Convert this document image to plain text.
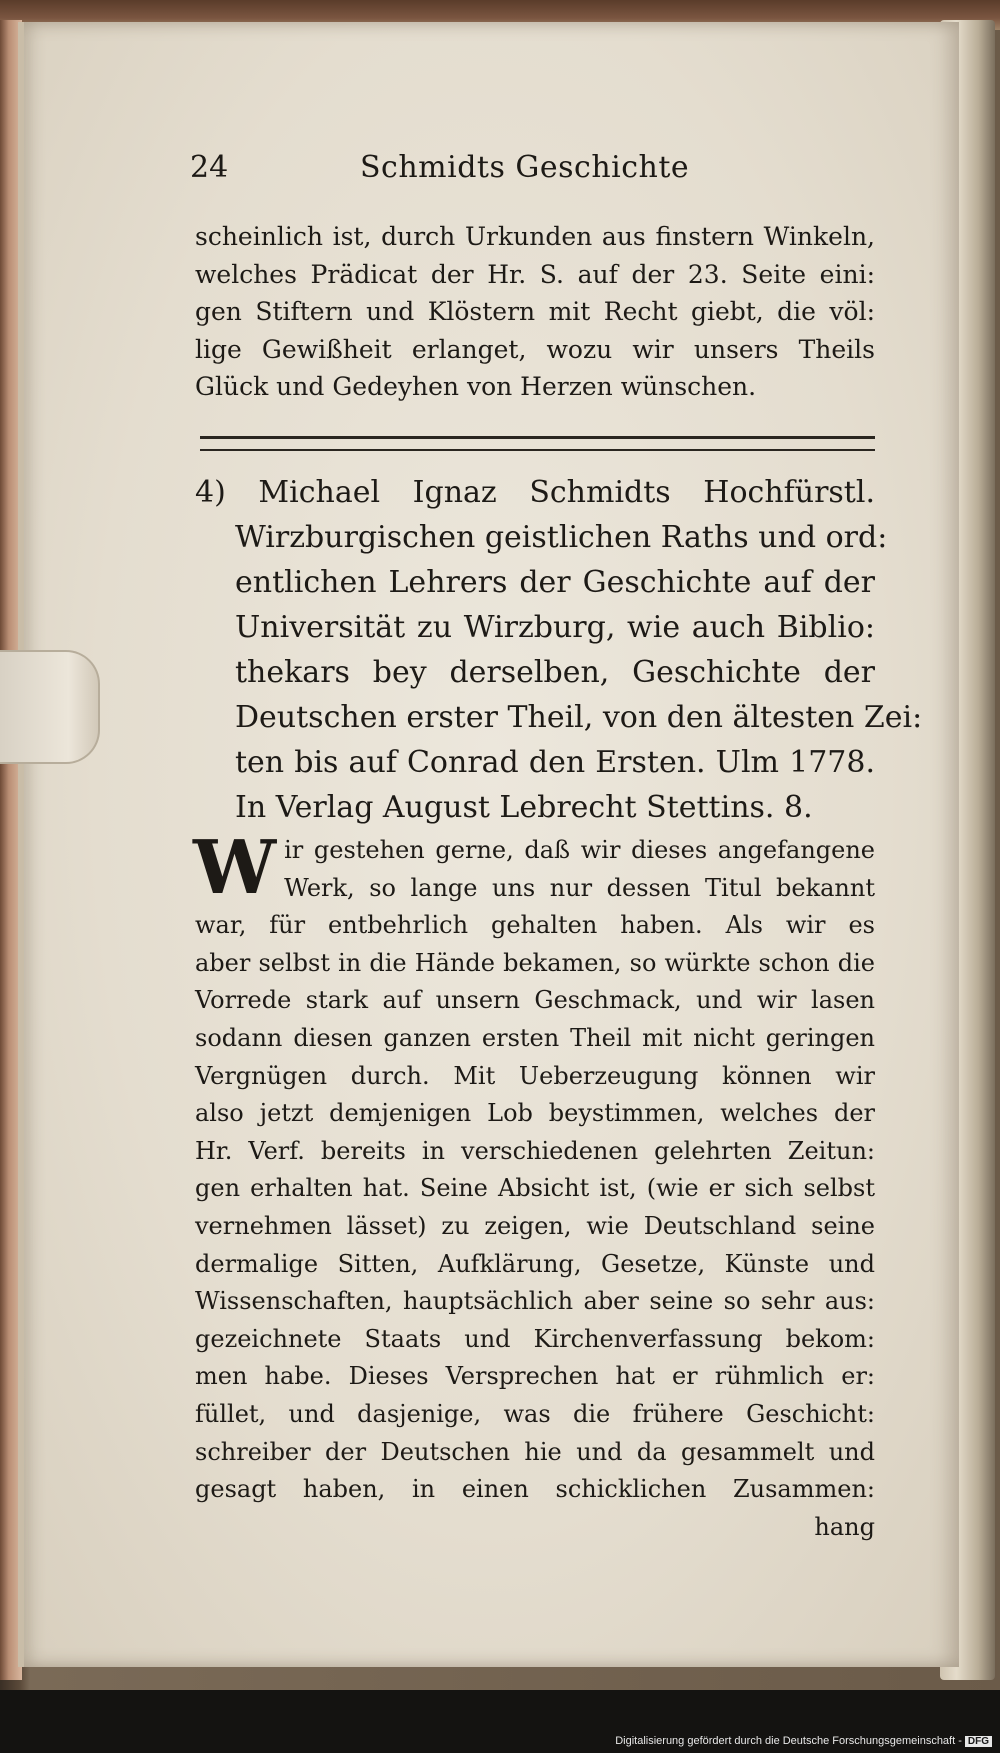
24	Schmidts Geschichte
scheinlich ist, durch Urkunden aus finstern Winkeln,
welches Prädicat der Hr. S. auf der 23. Seite eini:
gen Stiftern und Klöstern mit Recht giebt, die völ:
lige Gewißheit erlanget, wozu wir unsers Theils
Glück und Gedeyhen von Herzen wünschen.
4) Michael Ignaz Schmidts Hochfürstl.
Wirzburgischen geistlichen Raths und ord:
entlichen Lehrers der Geschichte auf der
Universität zu Wirzburg, wie auch Biblio:
thekars bey derselben, Geschichte der
Deutschen erster Theil, von den ältesten Zei:
ten bis auf Conrad den Ersten. Ulm 1778.
In Verlag August Lebrecht Stettins. 8.
W ir gestehen gerne, daß wir dieses angefangene
Werk, so lange uns nur dessen Titul bekannt
war, für entbehrlich gehalten haben. Als wir es
aber selbst in die Hände bekamen, so würkte schon die
Vorrede stark auf unsern Geschmack, und wir lasen
sodann diesen ganzen ersten Theil mit nicht geringen
Vergnügen durch. Mit Ueberzeugung können wir
also jetzt demjenigen Lob beystimmen, welches der
Hr. Verf. bereits in verschiedenen gelehrten Zeitun:
gen erhalten hat. Seine Absicht ist, (wie er sich selbst
vernehmen lässet) zu zeigen, wie Deutschland seine
dermalige Sitten, Aufklärung, Gesetze, Künste und
Wissenschaften, hauptsächlich aber seine so sehr aus:
gezeichnete Staats und Kirchenverfassung bekom:
men habe. Dieses Versprechen hat er rühmlich er:
füllet, und dasjenige, was die frühere Geschicht:
schreiber der Deutschen hie und da gesammelt und
gesagt haben, in einen schicklichen Zusammen:
hang
Digitalisierung gefördert durch die Deutsche Forschungsgemeinschaft - DFG
